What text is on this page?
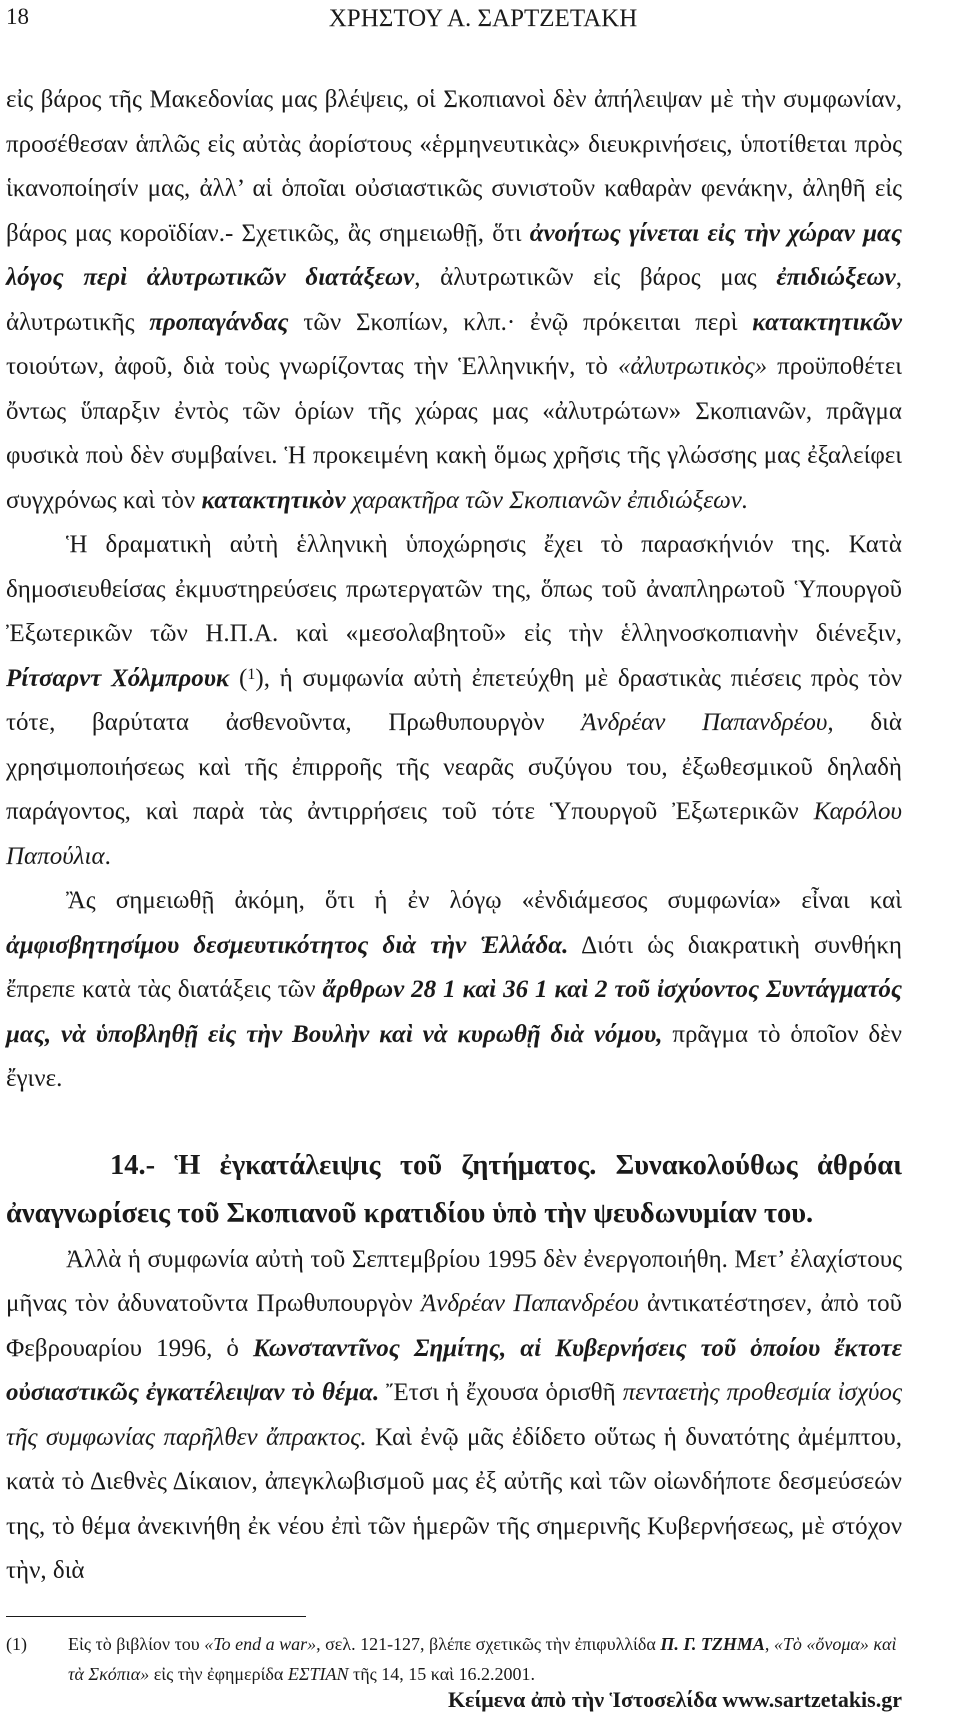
18	ΧΡΗΣΤΟΥ Α. ΣΑΡΤΖΕΤΑΚΗ

εἰς βάρος τῆς Μακεδονίας μας βλέψεις, οἱ Σκοπιανοὶ δὲν ἀπήλειψαν μὲ τὴν συμφωνίαν, προσέθεσαν ἁπλῶς εἰς αὐτὰς ἀορίστους «ἑρμηνευτικὰς» διευκρινήσεις, ὑποτίθεται πρὸς ἱκανοποίησίν μας, ἀλλ’ αἱ ὁποῖαι οὐσιαστικῶς συνιστοῦν καθαρὰν φενάκην, ἀληθῆ εἰς βάρος μας κοροϊδίαν.- Σχετικῶς, ἂς σημειωθῇ, ὅτι ἀνοήτως γίνεται εἰς τὴν χώραν μας λόγος περὶ ἀλυτρωτικῶν διατάξεων, ἀλυτρωτικῶν εἰς βάρος μας ἐπιδιώξεων, ἀλυτρωτικῆς προπαγάνδας τῶν Σκοπίων, κλπ.· ἐνῷ πρόκειται περὶ κατακτητικῶν τοιούτων, ἀφοῦ, διὰ τοὺς γνωρίζοντας τὴν Ἑλληνικήν, τὸ «ἀλυτρωτικὸς» προϋποθέτει ὄντως ὕπαρξιν ἐντὸς τῶν ὁρίων τῆς χώρας μας «ἀλυτρώτων» Σκοπιανῶν, πρᾶγμα φυσικὰ ποὺ δὲν συμβαίνει. Ἡ προκειμένη κακὴ ὅμως χρῆσις τῆς γλώσσης μας ἐξαλείφει συγχρόνως καὶ τὸν κατακτητικὸν χαρακτῆρα τῶν Σκοπιανῶν ἐπιδιώξεων.

Ἡ δραματικὴ αὐτὴ ἑλληνικὴ ὑποχώρησις ἔχει τὸ παρασκήνιόν της. Κατὰ δημοσιευθείσας ἐκμυστηρεύσεις πρωτεργατῶν της, ὅπως τοῦ ἀναπληρωτοῦ Ὑπουργοῦ Ἐξωτερικῶν τῶν Η.Π.Α. καὶ «μεσολαβητοῦ» εἰς τὴν ἑλληνοσκοπιανὴν διένεξιν, Ρίτσαρντ Χόλμπρουκ ($^1$), ἡ συμφωνία αὐτὴ ἐπετεύχθη μὲ δραστικὰς πιέσεις πρὸς τὸν τότε, βαρύτατα ἀσθενοῦντα, Πρωθυπουργὸν Ἀνδρέαν Παπανδρέου, διὰ χρησιμοποιήσεως καὶ τῆς ἐπιρροῆς τῆς νεαρᾶς συζύγου του, ἐξωθεσμικοῦ δηλαδὴ παράγοντος, καὶ παρὰ τὰς ἀντιρρήσεις τοῦ τότε Ὑπουργοῦ Ἐξωτερικῶν Καρόλου Παπούλια.

Ἂς σημειωθῇ ἀκόμη, ὅτι ἡ ἐν λόγῳ «ἐνδιάμεσος συμφωνία» εἶναι καὶ ἀμφισβητησίμου δεσμευτικότητος διὰ τὴν Ἑλλάδα. Διότι ὡς διακρατικὴ συνθήκη ἔπρεπε κατὰ τὰς διατάξεις τῶν ἄρθρων 28 1 καὶ 36 1 καὶ 2 τοῦ ἰσχύοντος Συντάγματός μας, νὰ ὑποβληθῇ εἰς τὴν Βουλὴν καὶ νὰ κυρωθῇ διὰ νόμου, πρᾶγμα τὸ ὁποῖον δὲν ἔγινε.

14.- Ἡ ἐγκατάλειψις τοῦ ζητήματος. Συνακολούθως ἀθρόαι ἀναγνωρίσεις τοῦ Σκοπιανοῦ κρατιδίου ὑπὸ τὴν ψευδωνυμίαν του.

Ἀλλὰ ἡ συμφωνία αὐτὴ τοῦ Σεπτεμβρίου 1995 δὲν ἐνεργοποιήθη. Μετ’ ἐλαχίστους μῆνας τὸν ἀδυνατοῦντα Πρωθυπουργὸν Ἀνδρέαν Παπανδρέου ἀντικατέστησεν, ἀπὸ τοῦ Φεβρουαρίου 1996, ὁ Κωνσταντῖνος Σημίτης, αἱ Κυβερνήσεις τοῦ ὁποίου ἔκτοτε οὐσιαστικῶς ἐγκατέλειψαν τὸ θέμα. Ἔτσι ἡ ἔχουσα ὁρισθῆ πενταετὴς προθεσμία ἰσχύος τῆς συμφωνίας παρῆλθεν ἄπρακτος. Καὶ ἐνῷ μᾶς ἐδίδετο οὕτως ἡ δυνατότης ἀμέμπτου, κατὰ τὸ Διεθνὲς Δίκαιον, ἀπεγκλωβισμοῦ μας ἐξ αὐτῆς καὶ τῶν οἰωνδήποτε δεσμεύσεών της, τὸ θέμα ἀνεκινήθη ἐκ νέου ἐπὶ τῶν ἡμερῶν τῆς σημερινῆς Κυβερνήσεως, μὲ στόχον τὴν, διὰ

(1) Εἰς τὸ βιβλίον του «To end a war», σελ. 121-127, βλέπε σχετικῶς τὴν ἐπιφυλλίδα Π. Γ. ΤΖΗΜΑ, «Τὸ «ὄνομα» καὶ τὰ Σκόπια» εἰς τὴν ἐφημερίδα ΕΣΤΙΑΝ τῆς 14, 15 καὶ 16.2.2001.
Κείμενα ἀπὸ τὴν Ἱστοσελίδα www.sartzetakis.gr
